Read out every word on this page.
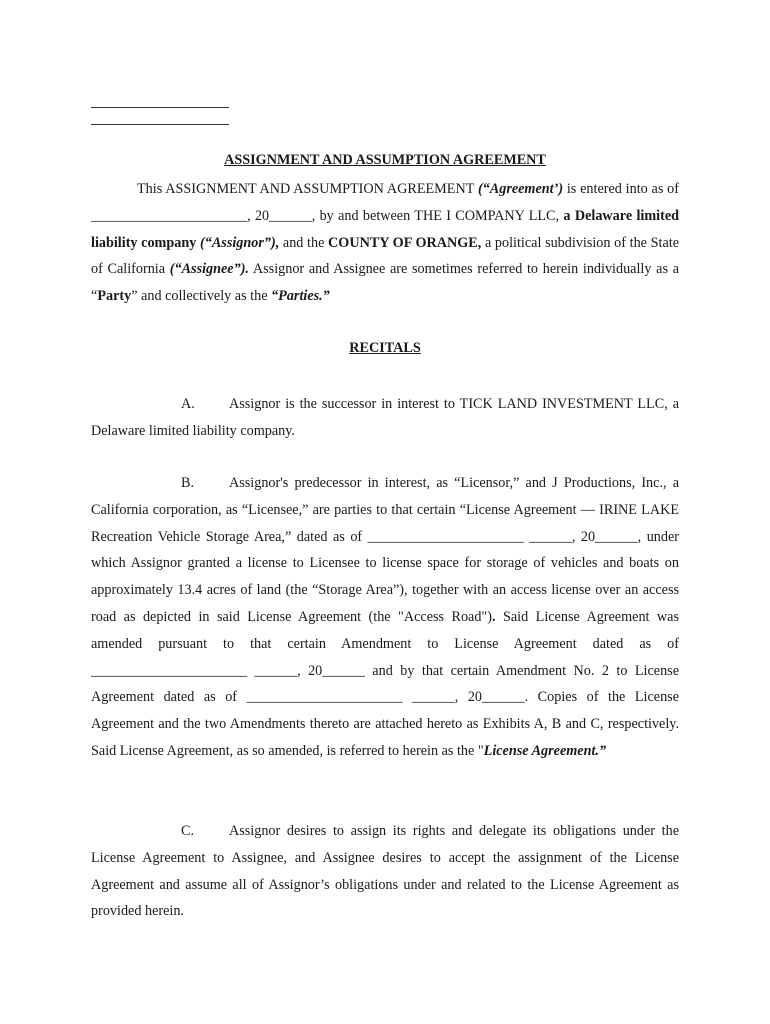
ASSIGNMENT AND ASSUMPTION AGREEMENT

This ASSIGNMENT AND ASSUMPTION AGREEMENT (“Agreement’) is entered into as of ______________________, 20______, by and between THE I COMPANY LLC, a Delaware limited liability company (“Assignor”), and the COUNTY OF ORANGE, a political subdivision of the State of California (“Assignee”). Assignor and Assignee are sometimes referred to herein individually as a “Party” and collectively as the “Parties.”

RECITALS

A. Assignor is the successor in interest to TICK LAND INVESTMENT LLC, a Delaware limited liability company.

B. Assignor's predecessor in interest, as “Licensor,” and J Productions, Inc., a California corporation, as “Licensee,” are parties to that certain “License Agreement — IRINE LAKE Recreation Vehicle Storage Area,” dated as of ______________________ ______, 20______, under which Assignor granted a license to Licensee to license space for storage of vehicles and boats on approximately 13.4 acres of land (the “Storage Area”), together with an access license over an access road as depicted in said License Agreement (the "Access Road"). Said License Agreement was amended pursuant to that certain Amendment to License Agreement dated as of ______________________ ______, 20______ and by that certain Amendment No. 2 to License Agreement dated as of ______________________ ______, 20______. Copies of the License Agreement and the two Amendments thereto are attached hereto as Exhibits A, B and C, respectively. Said License Agreement, as so amended, is referred to herein as the "License Agreement.”

C. Assignor desires to assign its rights and delegate its obligations under the License Agreement to Assignee, and Assignee desires to accept the assignment of the License Agreement and assume all of Assignor’s obligations under and related to the License Agreement as provided herein.
